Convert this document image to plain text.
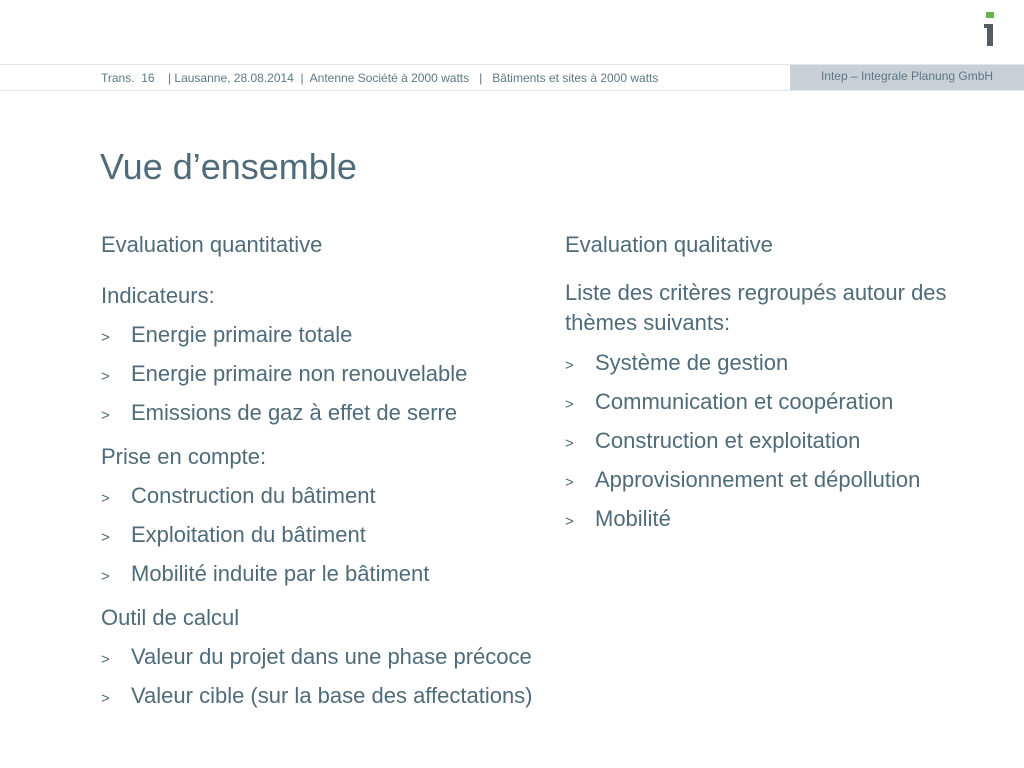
Trans. 16 | Lausanne, 28.08.2014 | Antenne Société à 2000 watts | Bâtiments et sites à 2000 watts	Intep – Integrale Planung GmbH
Vue d’ensemble
Evaluation quantitative
Indicateurs:
> Energie primaire totale
> Energie primaire non renouvelable
> Emissions de gaz à effet de serre
Prise en compte:
> Construction du bâtiment
> Exploitation du bâtiment
> Mobilité induite par le bâtiment
Outil de calcul
> Valeur du projet dans une phase précoce
> Valeur cible (sur la base des affectations)
Evaluation qualitative
Liste des critères regroupés autour des thèmes suivants:
> Système de gestion
> Communication et coopération
> Construction et exploitation
> Approvisionnement et dépollution
> Mobilité
